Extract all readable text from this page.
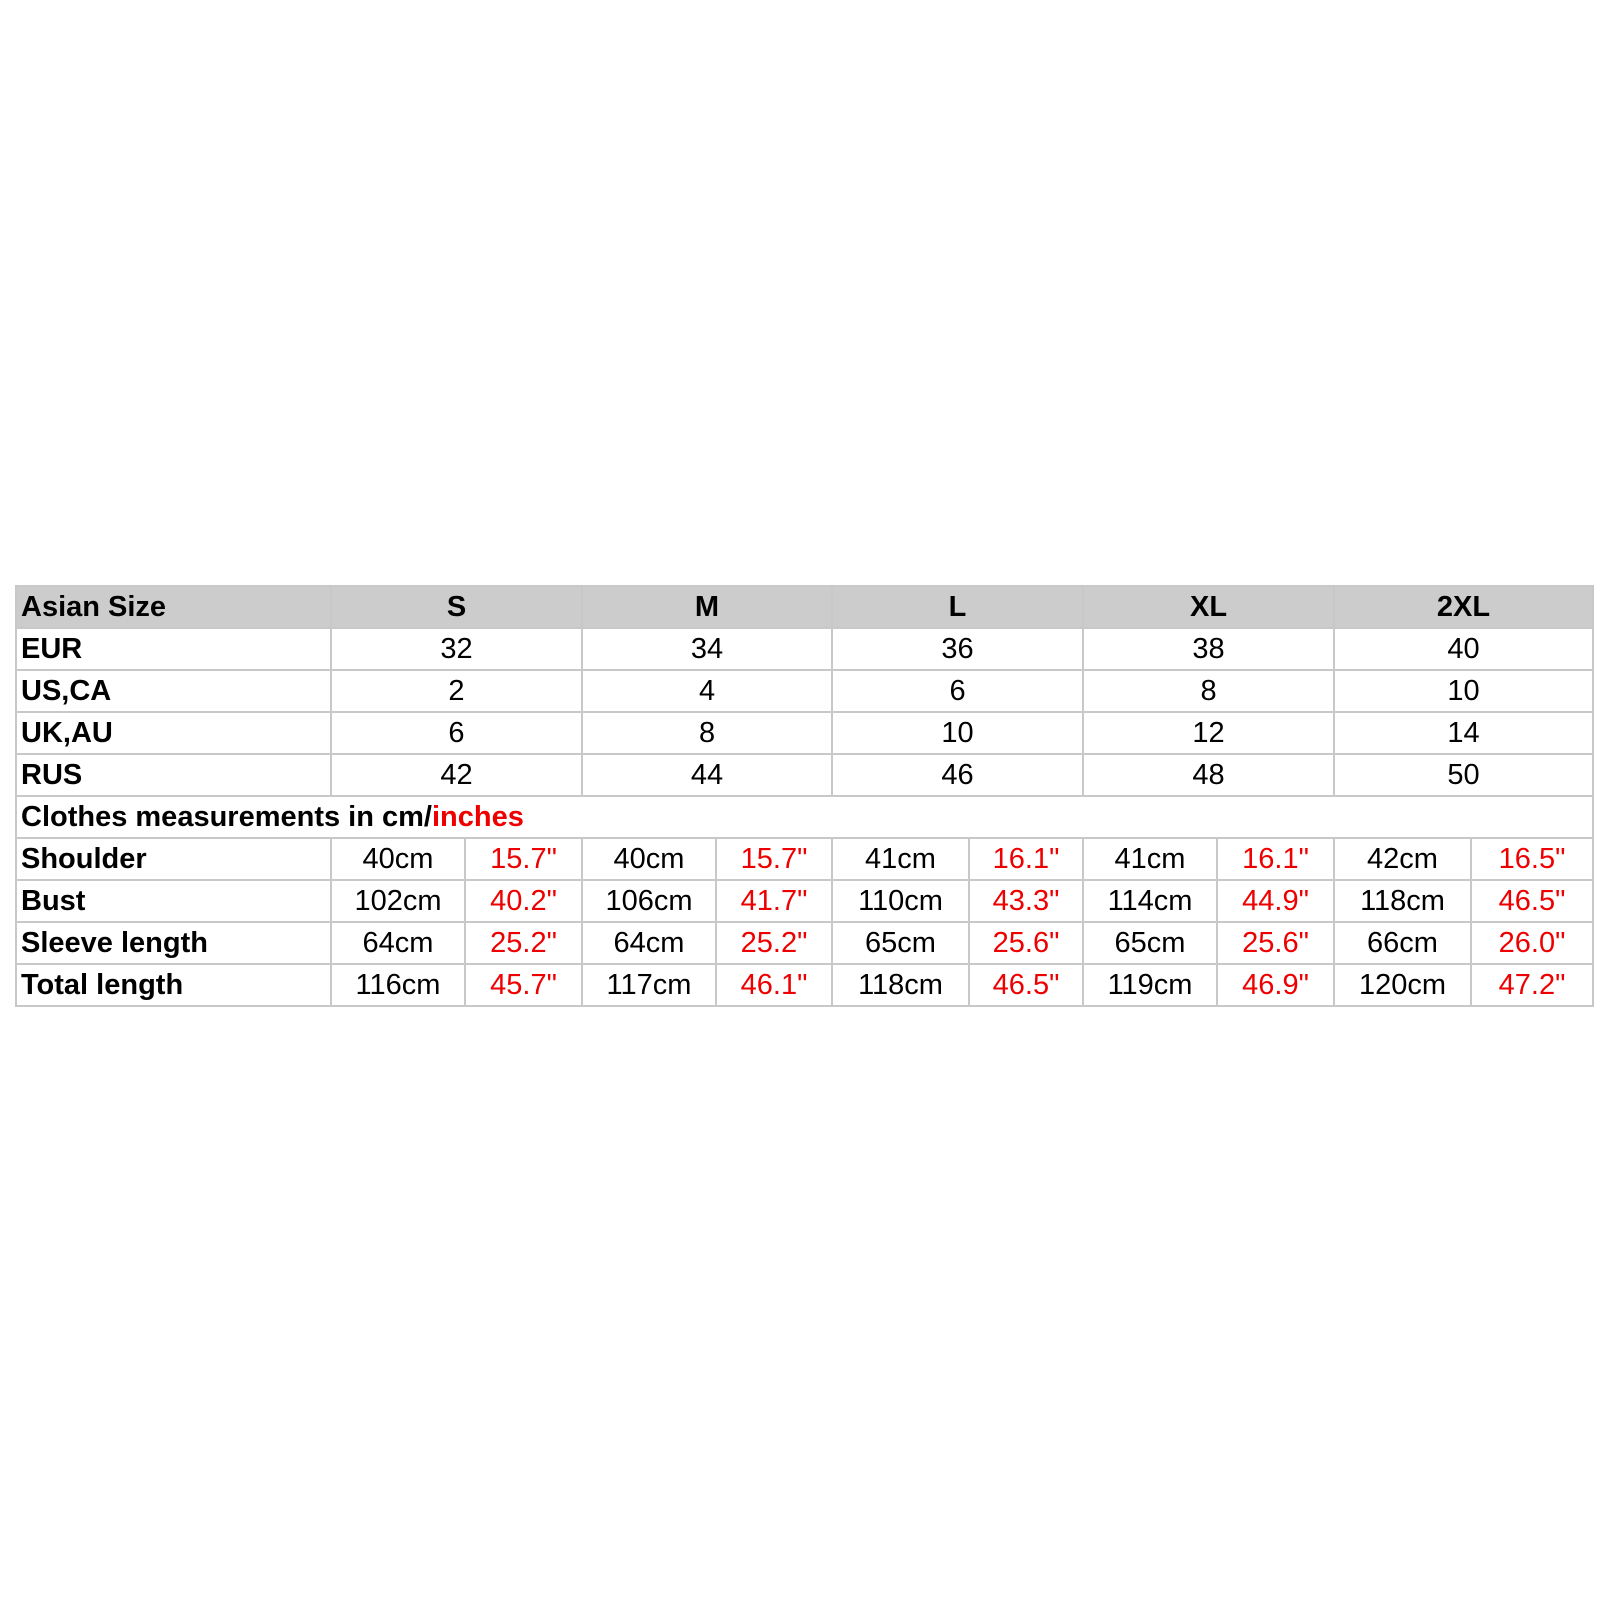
Asian Size	S		M		L		XL		2XL	
EUR	32		34		36		38		40	
US,CA	2		4		6		8		10	
UK,AU	6		8		10		12		14	
RUS	42		44		46		48		50	
Clothes measurements in cm/inches										
Shoulder	40cm	15.7"	40cm	15.7"	41cm	16.1"	41cm	16.1"	42cm	16.5"
Bust	102cm	40.2"	106cm	41.7"	110cm	43.3"	114cm	44.9"	118cm	46.5"
Sleeve length	64cm	25.2"	64cm	25.2"	65cm	25.6"	65cm	25.6"	66cm	26.0"
Total length	116cm	45.7"	117cm	46.1"	118cm	46.5"	119cm	46.9"	120cm	47.2"
